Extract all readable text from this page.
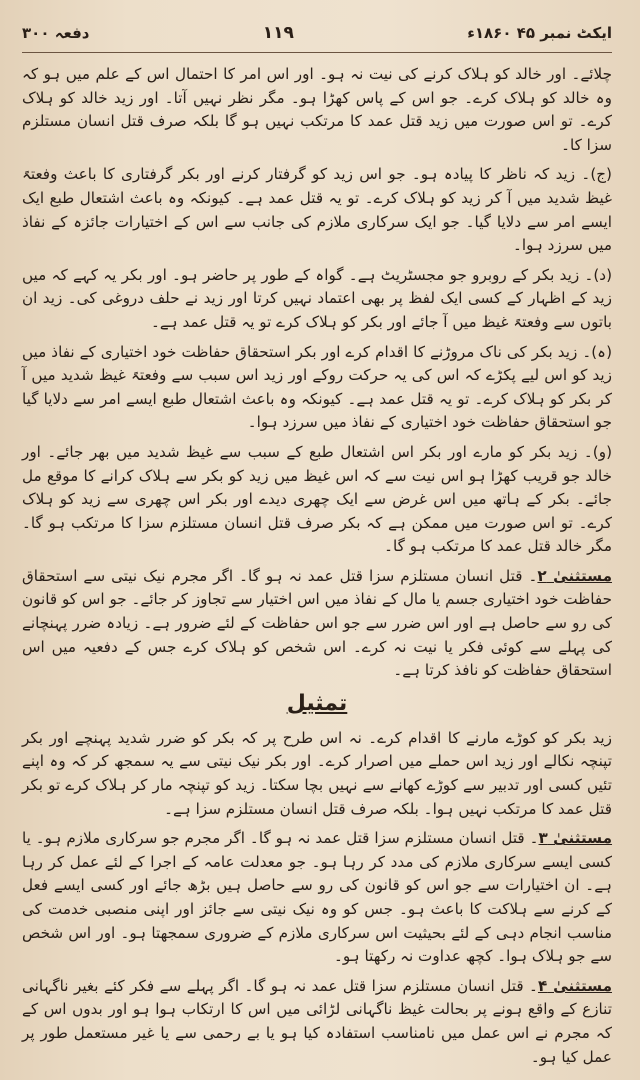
ایکٹ نمبر ۴۵ ۱۸۶۰ء
۱۱۹
دفعہ ۳۰۰

چلائے۔ اور خالد کو ہلاک کرنے کی نیت نہ ہو۔ اور اس امر کا احتمال اس کے علم میں ہو کہ وہ خالد کو ہلاک کرے۔ جو اس کے پاس کھڑا ہو۔ مگر نظر نہیں آتا۔ اور زید خالد کو ہلاک کرے۔ تو اس صورت میں زید قتل عمد کا مرتکب نہیں ہو گا بلکہ صرف قتل انسان مستلزم سزا کا۔

(ج)۔ زید کہ ناظر کا پیادہ ہو۔ جو اس زید کو گرفتار کرنے اور بکر گرفتاری کا باعث وفعتہً غیظ شدید میں آ کر زید کو ہلاک کرے۔ تو یہ قتل عمد ہے۔ کیونکہ وہ باعث اشتعال طبع ایک ایسے امر سے دلایا گیا۔ جو ایک سرکاری ملازم کی جانب سے اس کے اختیارات جائزہ کے نفاذ میں سرزد ہوا۔

(د)۔ زید بکر کے روبرو جو مجسٹریٹ ہے۔ گواہ کے طور پر حاضر ہو۔ اور بکر یہ کہے کہ میں زید کے اظہار کے کسی ایک لفظ پر بھی اعتماد نہیں کرتا اور زید نے حلف دروغی کی۔ زید ان باتوں سے وفعتہً غیظ میں آ جائے اور بکر کو ہلاک کرے تو یہ قتل عمد ہے۔

(ہ)۔ زید بکر کی ناک مروڑنے کا اقدام کرے اور بکر استحقاق حفاظت خود اختیاری کے نفاذ میں زید کو اس لیے پکڑے کہ اس کی یہ حرکت روکے اور زید اس سبب سے وفعتہً غیظ شدید میں آ کر بکر کو ہلاک کرے۔ تو یہ قتل عمد ہے۔ کیونکہ وہ باعث اشتعال طبع ایسے امر سے دلایا گیا جو استحقاق حفاظت خود اختیاری کے نفاذ میں سرزد ہوا۔

(و)۔ زید بکر کو مارے اور بکر اس اشتعال طبع کے سبب سے غیظ شدید میں بھر جائے۔ اور خالد جو قریب کھڑا ہو اس نیت سے کہ اس غیظ میں زید کو بکر سے ہلاک کرانے کا موقع مل جائے۔ بکر کے ہاتھ میں اس غرض سے ایک چھری دیدے اور بکر اس چھری سے زید کو ہلاک کرے۔ تو اس صورت میں ممکن ہے کہ بکر صرف قتل انسان مستلزم سزا کا مرتکب ہو گا۔ مگر خالد قتل عمد کا مرتکب ہو گا۔

مستثنیٰ ۲۔ قتل انسان مستلزم سزا قتل عمد نہ ہو گا۔ اگر مجرم نیک نیتی سے استحقاق حفاظت خود اختیاری جسم یا مال کے نفاذ میں اس اختیار سے تجاوز کر جائے۔ جو اس کو قانون کی رو سے حاصل ہے اور اس ضرر سے جو اس حفاظت کے لئے ضرور ہے۔ زیادہ ضرر پہنچانے کی پہلے سے کوئی فکر یا نیت نہ کرے۔ اس شخص کو ہلاک کرے جس کے دفعیہ میں اس استحقاق حفاظت کو نافذ کرتا ہے۔

تمثیل

زید بکر کو کوڑے مارنے کا اقدام کرے۔ نہ اس طرح پر کہ بکر کو ضرر شدید پہنچے اور بکر تپنچہ نکالے اور زید اس حملے میں اصرار کرے۔ اور بکر نیک نیتی سے یہ سمجھ کر کہ وہ اپنے تئیں کسی اور تدبیر سے کوڑے کھانے سے نہیں بچا سکتا۔ زید کو تپنچہ مار کر ہلاک کرے تو بکر قتل عمد کا مرتکب نہیں ہوا۔ بلکہ صرف قتل انسان مستلزم سزا ہے۔

مستثنیٰ ۳۔ قتل انسان مستلزم سزا قتل عمد نہ ہو گا۔ اگر مجرم جو سرکاری ملازم ہو۔ یا کسی ایسے سرکاری ملازم کی مدد کر رہا ہو۔ جو معدلت عامہ کے اجرا کے لئے عمل کر رہا ہے۔ ان اختیارات سے جو اس کو قانون کی رو سے حاصل ہیں بڑھ جائے اور کسی ایسے فعل کے کرنے سے ہلاکت کا باعث ہو۔ جس کو وہ نیک نیتی سے جائز اور اپنی منصبی خدمت کی مناسب انجام دہی کے لئے بحیثیت اس سرکاری ملازم کے ضروری سمجھتا ہو۔ اور اس شخص سے جو ہلاک ہوا۔ کچھ عداوت نہ رکھتا ہو۔

مستثنیٰ ۴۔ قتل انسان مستلزم سزا قتل عمد نہ ہو گا۔ اگر پہلے سے فکر کئے بغیر ناگہانی تنازع کے واقع ہونے پر بحالت غیظ ناگہانی لڑائی میں اس کا ارتکاب ہوا ہو اور بدوں اس کے کہ مجرم نے اس عمل میں نامناسب استفادہ کیا ہو یا بے رحمی سے یا غیر مستعمل طور پر عمل کیا ہو۔
